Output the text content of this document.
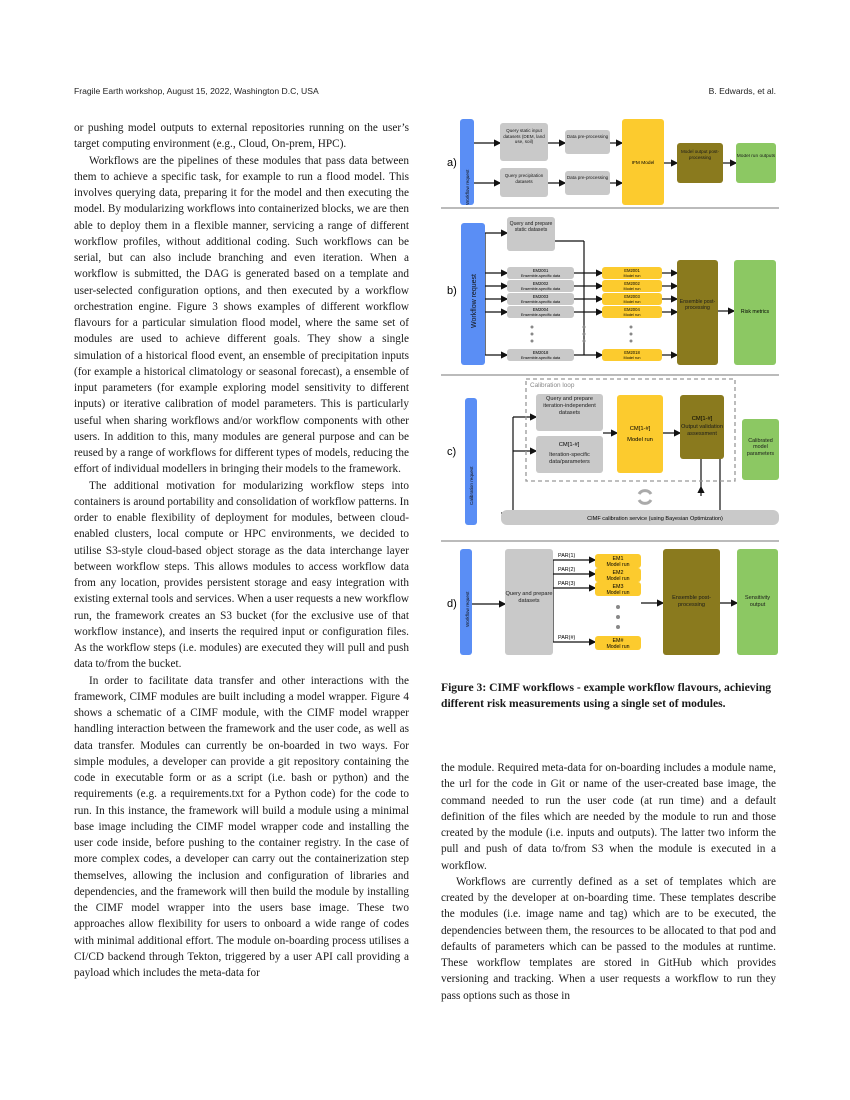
Fragile Earth workshop, August 15, 2022, Washington D.C, USA	B. Edwards, et al.

or pushing model outputs to external repositories running on the user’s target computing environment (e.g., Cloud, On-prem, HPC).

Workflows are the pipelines of these modules that pass data between them to achieve a specific task, for example to run a flood model. This involves querying data, preparing it for the model and then executing the model. By modularizing workflows into containerized blocks, we are then able to deploy them in a flexible manner, servicing a range of different workflow profiles, without additional coding. Such workflows can be serial, but can also include branching and even iteration. When a workflow is submitted, the DAG is generated based on a template and user-selected configuration options, and then executed by a workflow orchestration engine. Figure 3 shows examples of different workflow flavours for a particular simulation flood model, where the same set of modules are used to achieve different goals. They show a single simulation of a historical flood event, an ensemble of precipitation inputs (for example a historical climatology or seasonal forecast), a ensemble of input parameters (for example exploring model sensitivity to different inputs) or iterative calibration of model parameters. This is particularly useful when sharing workflows and/or workflow components with other users. In addition to this, many modules are general purpose and can be reused by a range of workflows for different types of models, reducing the effort of individual modellers in bringing their models to the framework.

The additional motivation for modularizing workflow steps into containers is around portability and consolidation of workflow patterns. In order to enable flexibility of deployment for modules, between cloud-enabled clusters, local compute or HPC environments, we decided to utilise S3-style cloud-based object storage as the data interchange layer between workflow steps. This allows modules to access workflow data from any location, provides persistent storage and easy integration with existing external tools and services. When a user requests a new workflow run, the framework creates an S3 bucket (for the exclusive use of that workflow instance), and inserts the required input or configuration files. As the workflow steps (i.e. modules) are executed they will pull and push data to/from the bucket.

In order to facilitate data transfer and other interactions with the framework, CIMF modules are built including a model wrapper. Figure 4 shows a schematic of a CIMF module, with the CIMF model wrapper handling interaction between the framework and the user code, as well as data transfer. Modules can currently be on-boarded in two ways. For simple modules, a developer can provide a git repository containing the code in executable form or as a script (i.e. bash or python) and the requirements (e.g. a requirements.txt for a Python code) for the code to run. In this instance, the framework will build a module using a minimal base image including the CIMF model wrapper code and installing the user code inside, before pushing to the container registry. In the case of more complex codes, a developer can carry out the containerization step themselves, allowing the inclusion and configuration of libraries and dependencies, and the framework will then build the module by installing the CIMF model wrapper into the users base image. These two approaches allow flexibility for users to onboard a wide range of codes with minimal additional effort. The module on-boarding process utilises a CI/CD backend through Tekton, triggered by a user API call providing a payload which includes the meta-data for

a)
Workflow request
Query static input datasets (DEM, land use, soil)
Query precipitation datasets
Data pre-processing
Data pre-processing
IFM Model
Model output post-processing	Model run outputs
b) Workflow request
Query and prepare static datasets
EM2001
Ensemble-specific data
EM2001
Model run
EM2002
Ensemble-specific data
EM2002
Model run
EM2003
Ensemble-specific data
EM2003
Model run
EM2004
Ensemble-specific data
EM2004
Model run
EM2018
Ensemble-specific data
EM2018
Model run
Ensemble post-processing
Risk metrics
c)
Calibration request
Calibration loop
Query and prepare iteration-independent datasets
CM[1-#]
Iteration-specific data/parameters
CM[1-#]
Model run
CM[1-#]
Output validation assessment
Calibrated model parameters
CIMF calibration service (using Bayesian Optimization)
d) Workflow request	Query and prepare datasets
PAR(1)	EM1
Model run
PAR(2)	EM2
Model run
PAR(3)	EM3
Model run
PAR(#)	EM#
Model run
Ensemble post-processing
Sensitivity output
Figure 3: CIMF workflows - example workflow flavours, achieving different risk measurements using a single set of modules.

the module. Required meta-data for on-boarding includes a module name, the url for the code in Git or name of the user-created base image, the command needed to run the user code (at run time) and a default definition of the files which are needed by the module to run and those created by the module (i.e. inputs and outputs). The latter two inform the pull and push of data to/from S3 when the module is executed in a workflow.

Workflows are currently defined as a set of templates which are created by the developer at on-boarding time. These templates describe the modules (i.e. image name and tag) which are to be executed, the dependencies between them, the resources to be allocated to that pod and defaults of parameters which can be passed to the modules at runtime. These workflow templates are stored in GitHub which provides versioning and tracking. When a user requests a workflow to run they pass options such as those in
